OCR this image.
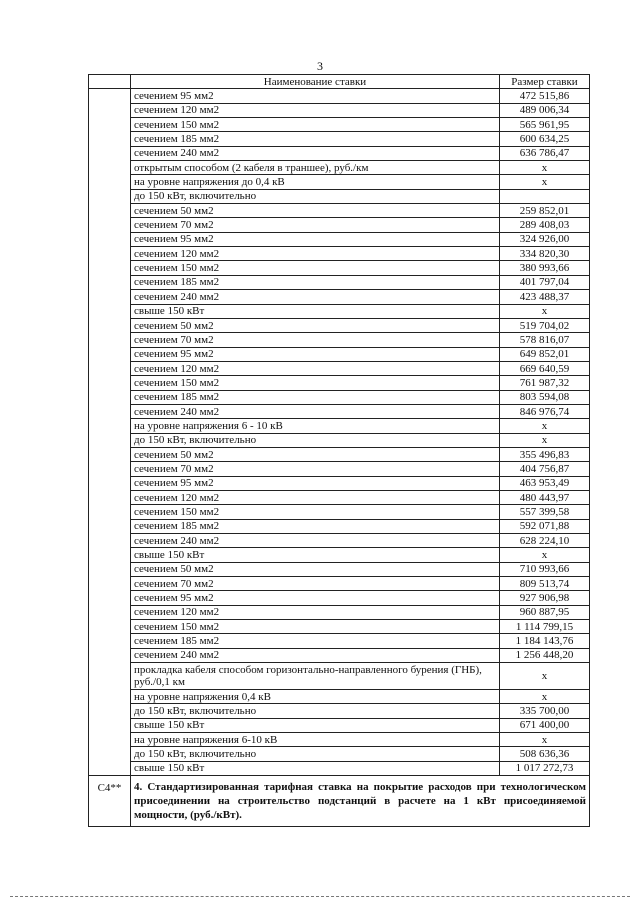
3
	Наименование ставки	Размер ставки
	сечением 95 мм2	472 515,86
	сечением 120 мм2	489 006,34
	сечением 150 мм2	565 961,95
	сечением 185 мм2	600 634,25
	сечением 240 мм2	636 786,47
	открытым способом (2 кабеля в траншее), руб./км	x
	на уровне напряжения до 0,4 кВ	x
	до 150 кВт, включительно	
	сечением 50 мм2	259 852,01
	сечением 70 мм2	289 408,03
	сечением 95 мм2	324 926,00
	сечением 120 мм2	334 820,30
	сечением 150 мм2	380 993,66
	сечением 185 мм2	401 797,04
	сечением 240 мм2	423 488,37
	свыше 150 кВт	x
	сечением 50 мм2	519 704,02
	сечением 70 мм2	578 816,07
	сечением 95 мм2	649 852,01
	сечением 120 мм2	669 640,59
	сечением 150 мм2	761 987,32
	сечением 185 мм2	803 594,08
	сечением 240 мм2	846 976,74
	на уровне напряжения 6 - 10 кВ	x
	до 150 кВт, включительно	x
	сечением 50 мм2	355 496,83
	сечением 70 мм2	404 756,87
	сечением 95 мм2	463 953,49
	сечением 120 мм2	480 443,97
	сечением 150 мм2	557 399,58
	сечением 185 мм2	592 071,88
	сечением 240 мм2	628 224,10
	свыше 150 кВт	x
	сечением 50 мм2	710 993,66
	сечением 70 мм2	809 513,74
	сечением 95 мм2	927 906,98
	сечением 120 мм2	960 887,95
	сечением 150 мм2	1 114 799,15
	сечением 185 мм2	1 184 143,76
	сечением 240 мм2	1 256 448,20
	прокладка кабеля способом горизонтально-направленного бурения (ГНБ), руб./0,1 км	x
	на уровне напряжения 0,4 кВ	x
	до 150 кВт, включительно	335 700,00
	свыше 150 кВт	671 400,00
	на уровне напряжения 6-10 кВ	x
	до 150 кВт, включительно	508 636,36
	свыше 150 кВт	1 017 272,73
С4**	4. Стандартизированная тарифная ставка на покрытие расходов при технологическом присоединении на строительство подстанций в расчете на 1 кВт присоединяемой мощности, (руб./кВт).	
